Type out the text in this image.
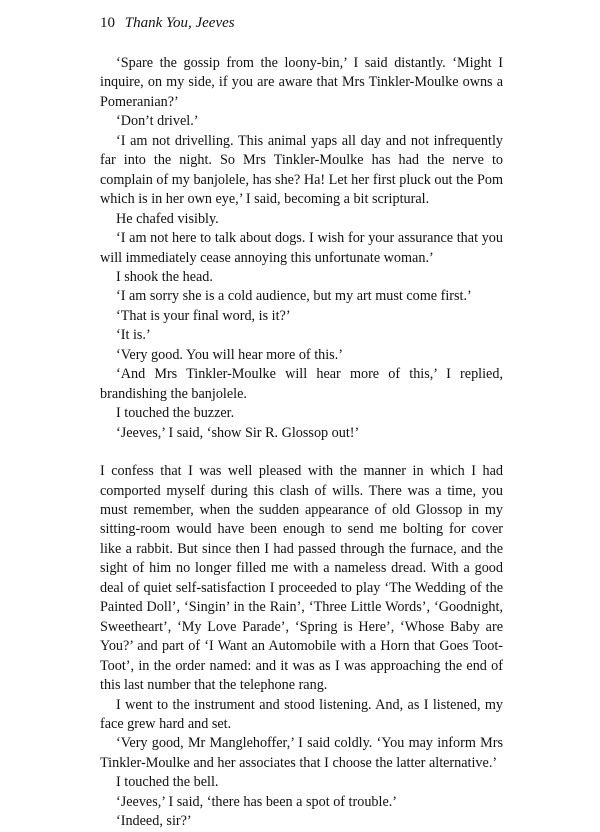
10 Thank You, Jeeves

‘Spare the gossip from the loony-bin,’ I said distantly. ‘Might I inquire, on my side, if you are aware that Mrs Tinkler-Moulke owns a Pomeranian?’

‘Don’t drivel.’

‘I am not drivelling. This animal yaps all day and not infrequently far into the night. So Mrs Tinkler-Moulke has had the nerve to complain of my banjolele, has she? Ha! Let her first pluck out the Pom which is in her own eye,’ I said, becoming a bit scriptural.

He chafed visibly.

‘I am not here to talk about dogs. I wish for your assurance that you will immediately cease annoying this unfortunate woman.’

I shook the head.

‘I am sorry she is a cold audience, but my art must come first.’

‘That is your final word, is it?’

‘It is.’

‘Very good. You will hear more of this.’

‘And Mrs Tinkler-Moulke will hear more of this,’ I replied, brandishing the banjolele.

I touched the buzzer.

‘Jeeves,’ I said, ‘show Sir R. Glossop out!’

I confess that I was well pleased with the manner in which I had comported myself during this clash of wills. There was a time, you must remember, when the sudden appearance of old Glossop in my sitting-room would have been enough to send me bolting for cover like a rabbit. But since then I had passed through the furnace, and the sight of him no longer filled me with a nameless dread. With a good deal of quiet self-satisfaction I proceeded to play ‘The Wedding of the Painted Doll’, ‘Singin’ in the Rain’, ‘Three Little Words’, ‘Goodnight, Sweetheart’, ‘My Love Parade’, ‘Spring is Here’, ‘Whose Baby are You?’ and part of ‘I Want an Automobile with a Horn that Goes Toot-Toot’, in the order named: and it was as I was approaching the end of this last number that the telephone rang.

I went to the instrument and stood listening. And, as I listened, my face grew hard and set.

‘Very good, Mr Manglehoffer,’ I said coldly. ‘You may inform Mrs Tinkler-Moulke and her associates that I choose the latter alternative.’

I touched the bell.

‘Jeeves,’ I said, ‘there has been a spot of trouble.’

‘Indeed, sir?’
